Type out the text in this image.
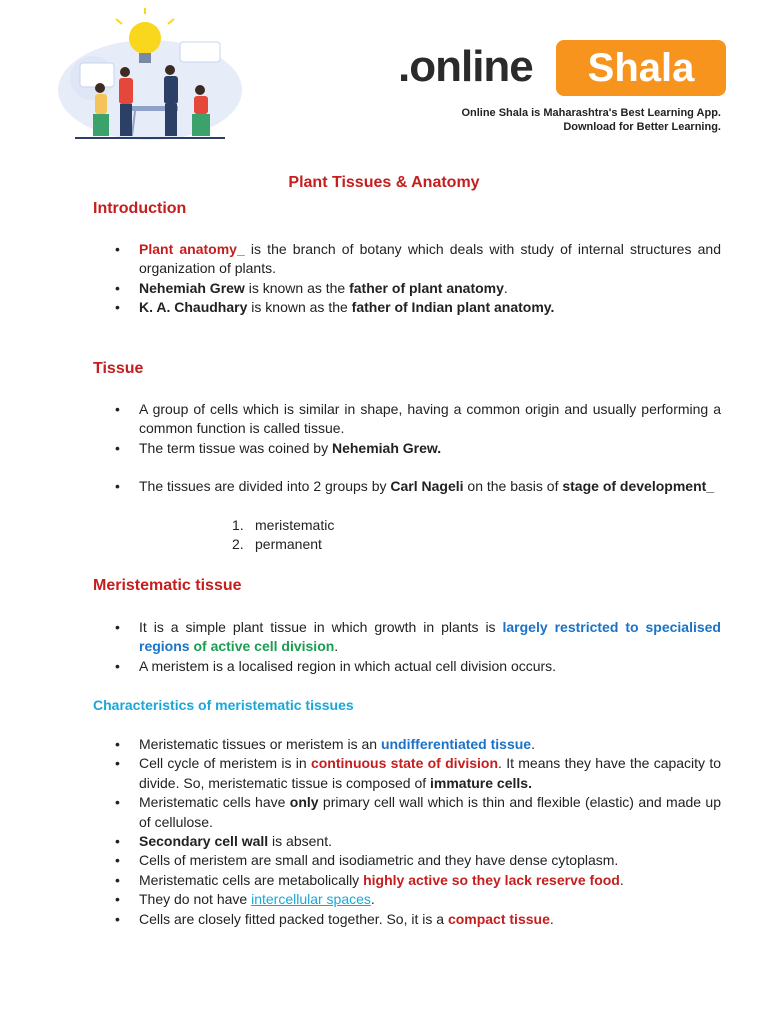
.online	Shala
Online Shala is Maharashtra's Best Learning App.
Download for Better Learning.
Plant Tissues & Anatomy
Introduction
• Plant anatomy_ is the branch of botany which deals with study of internal structures and organization of plants.
• Nehemiah Grew is known as the father of plant anatomy.
• K. A. Chaudhary is known as the father of Indian plant anatomy.
Tissue
• A group of cells which is similar in shape, having a common origin and usually performing a common function is called tissue.
• The term tissue was coined by Nehemiah Grew.
• The tissues are divided into 2 groups by Carl Nageli on the basis of stage of development_
1. meristematic
2. permanent
Meristematic tissue
• It is a simple plant tissue in which growth in plants is largely restricted to specialised regions of active cell division.
• A meristem is a localised region in which actual cell division occurs.
Characteristics of meristematic tissues
• Meristematic tissues or meristem is an undifferentiated tissue.
• Cell cycle of meristem is in continuous state of division. It means they have the capacity to divide. So, meristematic tissue is composed of immature cells.
• Meristematic cells have only primary cell wall which is thin and flexible (elastic) and made up of cellulose.
• Secondary cell wall is absent.
• Cells of meristem are small and isodiametric and they have dense cytoplasm.
• Meristematic cells are metabolically highly active so they lack reserve food.
• They do not have intercellular spaces.
• Cells are closely fitted packed together. So, it is a compact tissue.
